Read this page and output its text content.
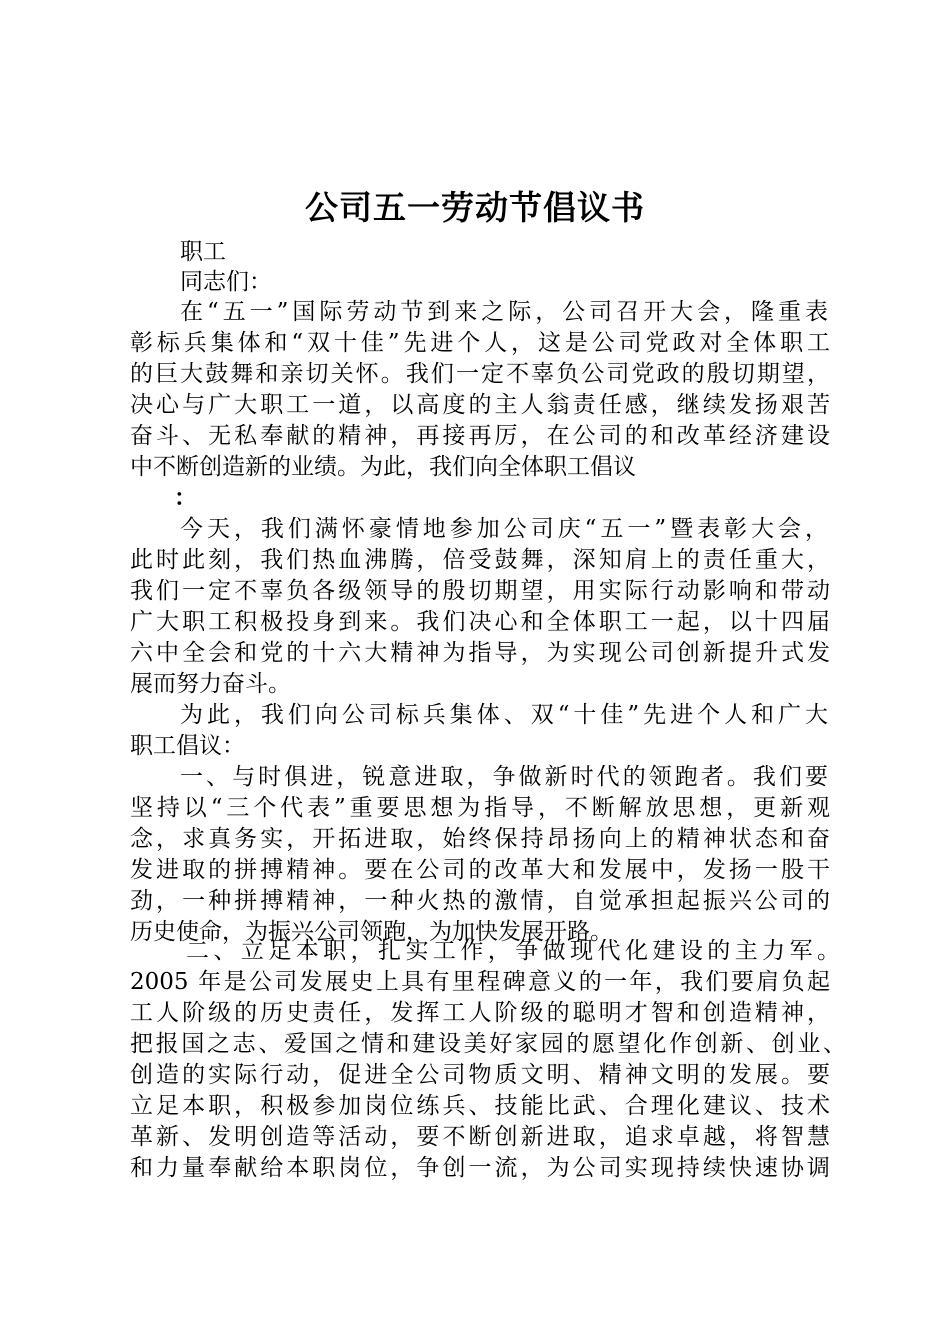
公司五一劳动节倡议书
职工
同志们：
在“五一”国际劳动节到来之际，公司召开大会，隆重表
彰标兵集体和“双十佳”先进个人，这是公司党政对全体职工
的巨大鼓舞和亲切关怀。我们一定不辜负公司党政的殷切期望，
决心与广大职工一道，以高度的主人翁责任感，继续发扬艰苦
奋斗、无私奉献的精神，再接再厉，在公司的和改革经济建设
中不断创造新的业绩。为此，我们向全体职工倡议
：
今天，我们满怀豪情地参加公司庆“五一”暨表彰大会，
此时此刻，我们热血沸腾，倍受鼓舞，深知肩上的责任重大，
我们一定不辜负各级领导的殷切期望，用实际行动影响和带动
广大职工积极投身到来。我们决心和全体职工一起，以十四届
六中全会和党的十六大精神为指导，为实现公司创新提升式发
展而努力奋斗。
为此，我们向公司标兵集体、双“十佳”先进个人和广大
职工倡议：
一、与时俱进，锐意进取，争做新时代的领跑者。我们要
坚持以“三个代表”重要思想为指导，不断解放思想，更新观
念，求真务实，开拓进取，始终保持昂扬向上的精神状态和奋
发进取的拼搏精神。要在公司的改革大和发展中，发扬一股干
劲，一种拼搏精神，一种火热的激情，自觉承担起振兴公司的
历史使命，为振兴公司领跑，为加快发展开路。
二、立足本职，扎实工作，争做现代化建设的主力军。
2005 年是公司发展史上具有里程碑意义的一年，我们要肩负起
工人阶级的历史责任，发挥工人阶级的聪明才智和创造精神，
把报国之志、爱国之情和建设美好家园的愿望化作创新、创业、
创造的实际行动，促进全公司物质文明、精神文明的发展。要
立足本职，积极参加岗位练兵、技能比武、合理化建议、技术
革新、发明创造等活动，要不断创新进取，追求卓越，将智慧
和力量奉献给本职岗位，争创一流，为公司实现持续快速协调
